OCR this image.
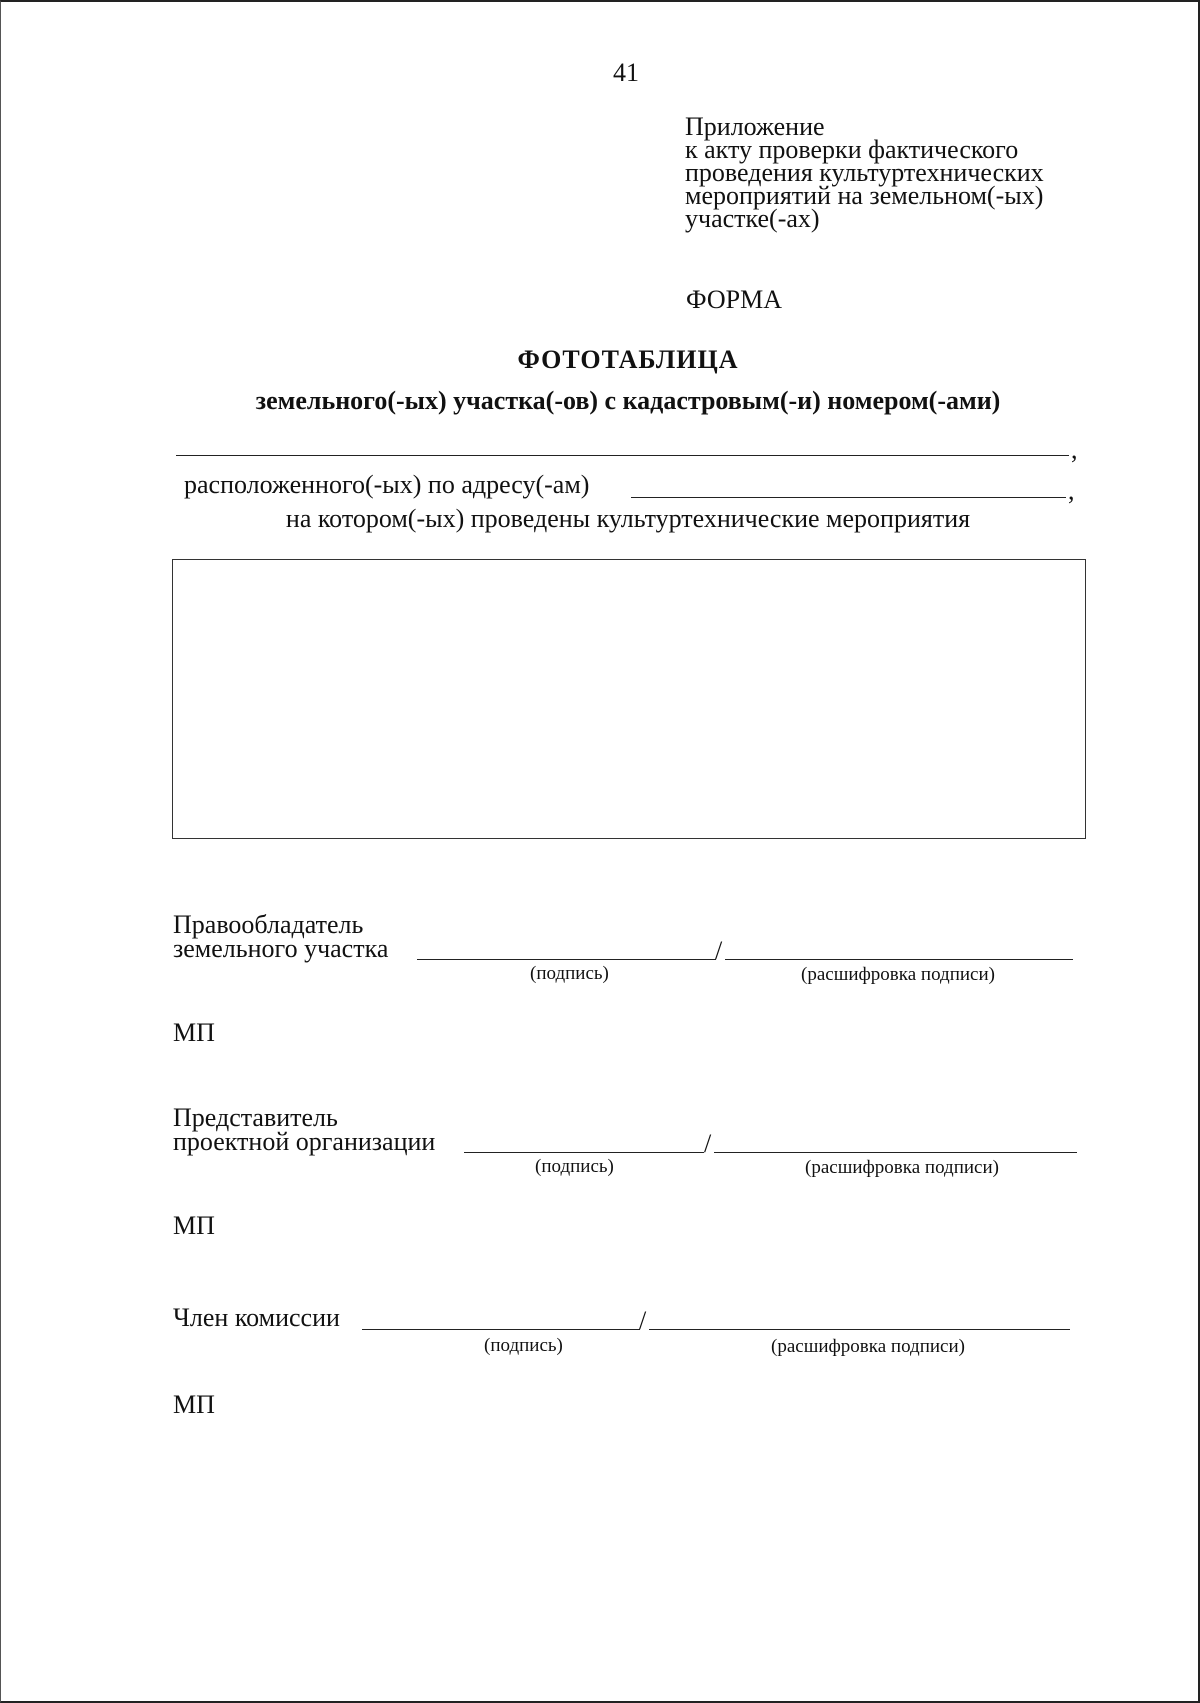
41
Приложение
к акту проверки фактического
проведения культуртехнических
мероприятий на земельном(-ых)
участке(-ах)
ФОРМА
ФОТОТАБЛИЦА
земельного(-ых) участка(-ов) с кадастровым(-и) номером(-ами)
,
расположенного(-ых) по адресу(-ам)	,
на котором(-ых) проведены культуртехнические мероприятия
Правообладатель
земельного участка	/
(подпись)	(расшифровка подписи)
МП
Представитель
проектной организации	/
(подпись)	(расшифровка подписи)
МП
Член комиссии	/
(подпись)	(расшифровка подписи)
МП
